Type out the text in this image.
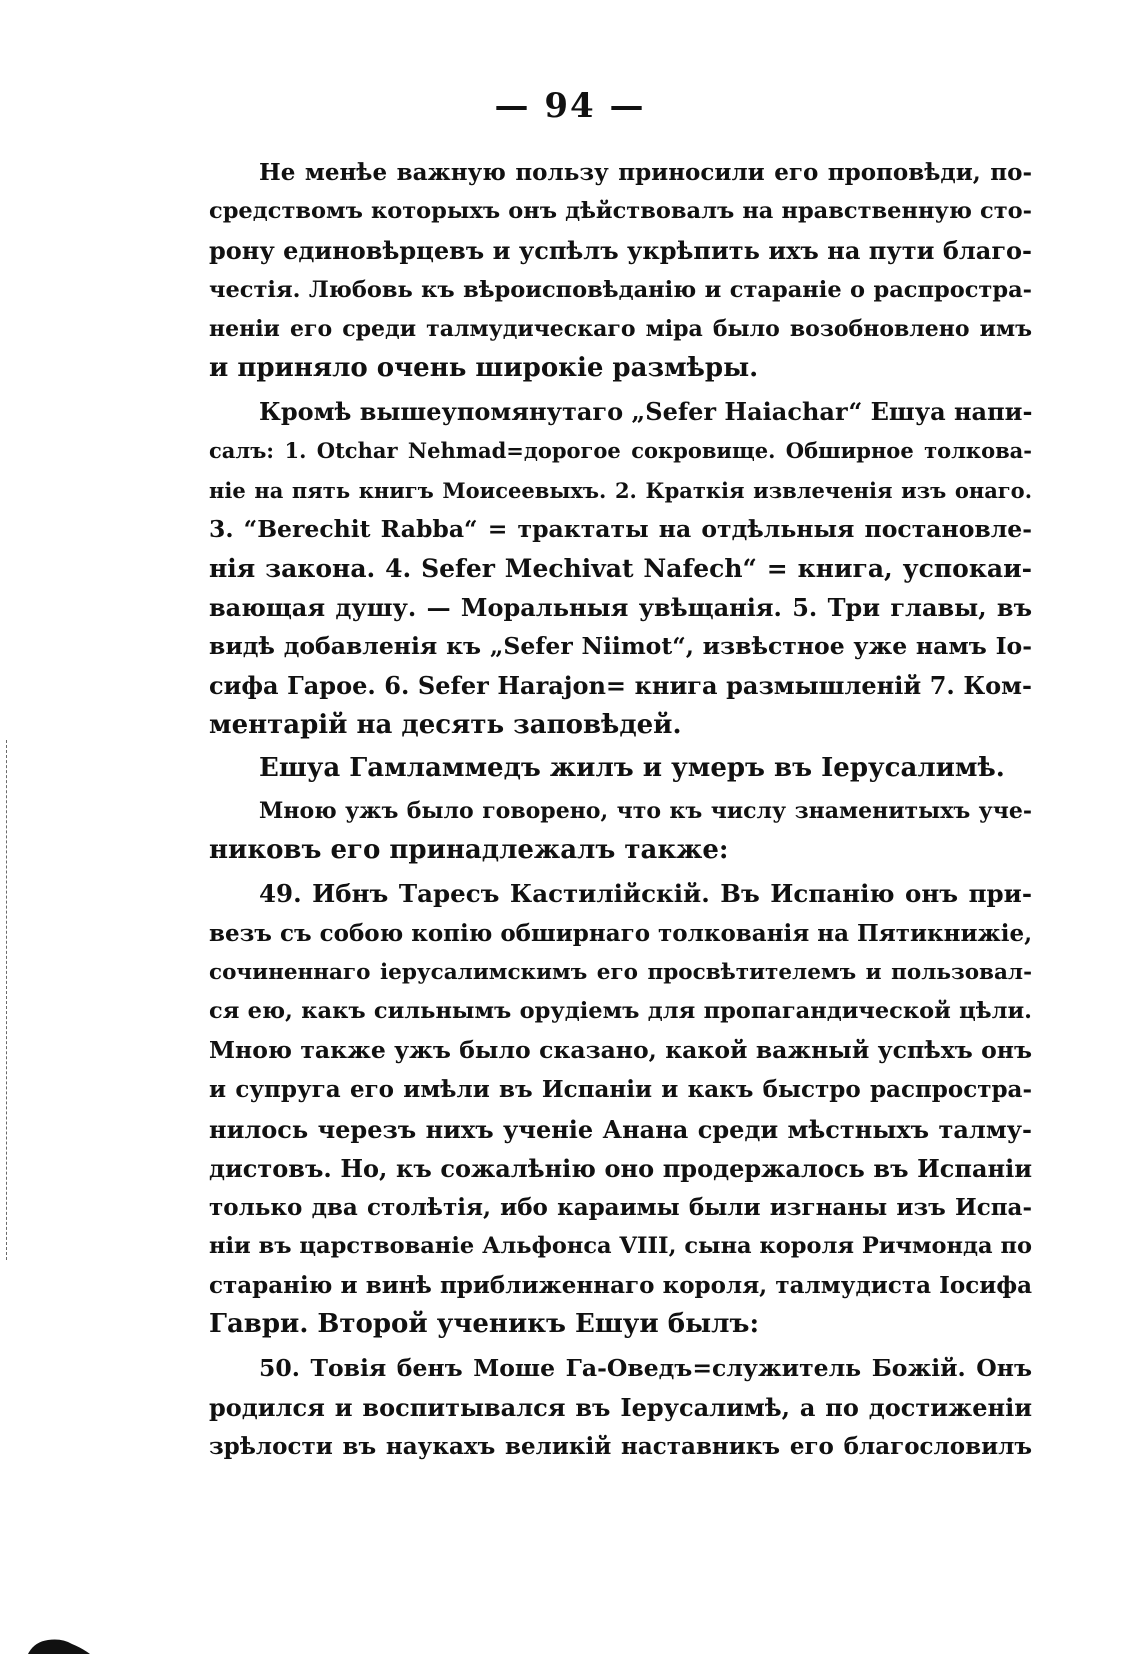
— 94 —
Не менѣе важную пользу приносили его проповѣди, по-
средствомъ которыхъ онъ дѣйствовалъ на нравственную сто-
рону единовѣрцевъ и успѣлъ укрѣпить ихъ на пути благо-
честія. Любовь къ вѣроисповѣданію и стараніе о распростра-
неніи его среди талмудическаго міра было возобновлено имъ
и приняло очень широкіе размѣры.
Кромѣ вышеупомянутаго „Sefer Haiachar“ Ешуа напи-
салъ: 1. Otchar Nehmad=дорогое сокровище. Обширное толкова-
ніе на пять книгъ Моисеевыхъ. 2. Краткія извлеченія изъ онаго.
3. “Berechit Rabba“ = трактаты на отдѣльныя постановле-
нія закона. 4. Sefer Mechivat Nafech“ = книга, успокаи-
вающая душу. — Моральныя увѣщанія. 5. Три главы, въ
видѣ добавленія къ „Sefer Niimot“, извѣстное уже намъ Іо-
сифа Гарое. 6. Sefer Harajon= книга размышленій 7. Ком-
ментарій на десять заповѣдей.
Ешуа Гамламмедъ жилъ и умеръ въ Іерусалимѣ.
Мною ужъ было говорено, что къ числу знаменитыхъ уче-
никовъ его принадлежалъ также:
49. Ибнъ Таресъ Кастилійскій. Въ Испанію онъ при-
везъ съ собою копію обширнаго толкованія на Пятикнижіе,
сочиненнаго іерусалимскимъ его просвѣтителемъ и пользовал-
ся ею, какъ сильнымъ орудіемъ для пропагандической цѣли.
Мною также ужъ было сказано, какой важный успѣхъ онъ
и супруга его имѣли въ Испаніи и какъ быстро распростра-
нилось черезъ нихъ ученіе Анана среди мѣстныхъ талму-
дистовъ. Но, къ сожалѣнію оно продержалось въ Испаніи
только два столѣтія, ибо караимы были изгнаны изъ Испа-
ніи въ царствованіе Альфонса VIII, сына короля Ричмонда по
старанію и винѣ приближеннаго короля, талмудиста Іосифа
Гаври. Второй ученикъ Ешуи былъ:
50. Товія бенъ Моше Га-Оведъ=служитель Божій. Онъ
родился и воспитывался въ Іерусалимѣ, а по достиженіи
зрѣлости въ наукахъ великій наставникъ его благословилъ
